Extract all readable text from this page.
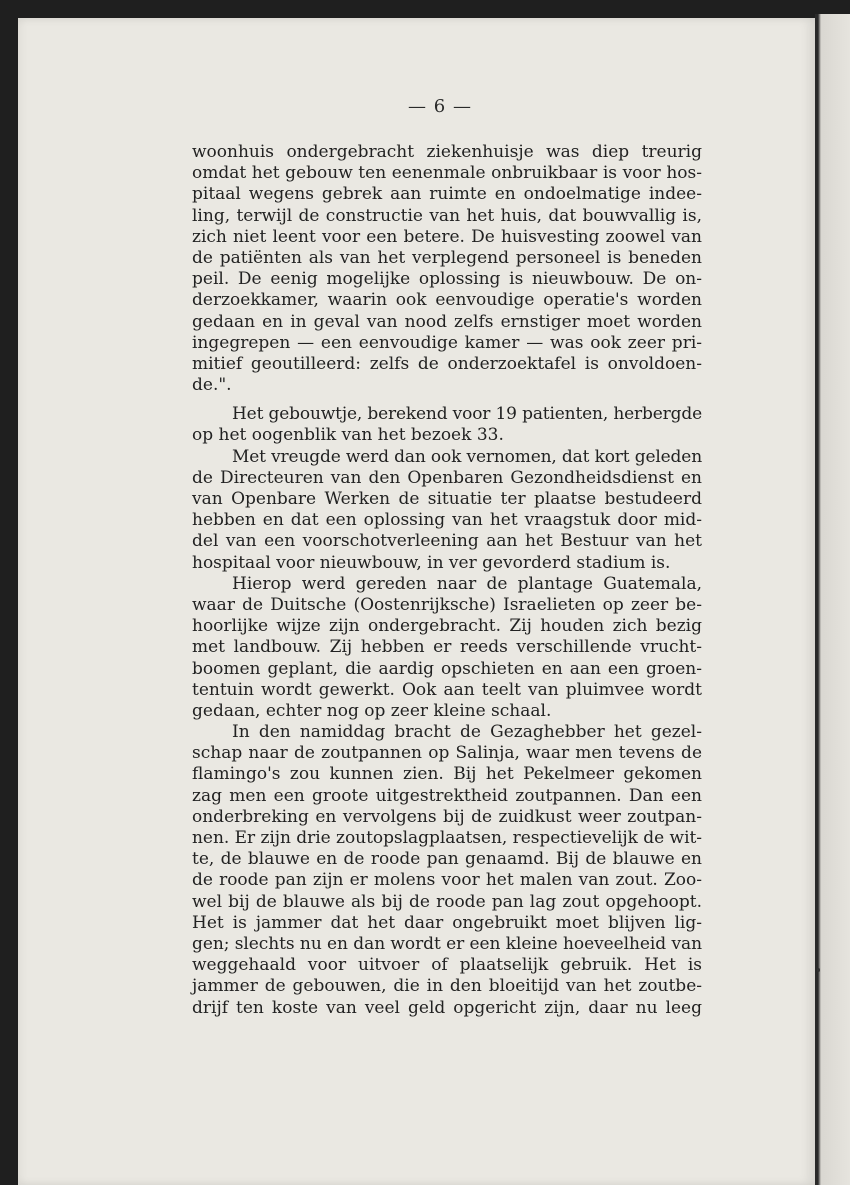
— 6 —
woonhuis ondergebracht ziekenhuisje was diep treurig
omdat het gebouw ten eenenmale onbruikbaar is voor hos-
pitaal wegens gebrek aan ruimte en ondoelmatige indee-
ling, terwijl de constructie van het huis, dat bouwvallig is,
zich niet leent voor een betere. De huisvesting zoowel van
de patiënten als van het verplegend personeel is beneden
peil. De eenig mogelijke oplossing is nieuwbouw. De on-
derzoekkamer, waarin ook eenvoudige operatie's worden
gedaan en in geval van nood zelfs ernstiger moet worden
ingegrepen — een eenvoudige kamer — was ook zeer pri-
mitief geoutilleerd: zelfs de onderzoektafel is onvoldoen-
de.".
Het gebouwtje, berekend voor 19 patienten, herbergde
op het oogenblik van het bezoek 33.
Met vreugde werd dan ook vernomen, dat kort geleden
de Directeuren van den Openbaren Gezondheidsdienst en
van Openbare Werken de situatie ter plaatse bestudeerd
hebben en dat een oplossing van het vraagstuk door mid-
del van een voorschotverleening aan het Bestuur van het
hospitaal voor nieuwbouw, in ver gevorderd stadium is.
Hierop werd gereden naar de plantage Guatemala,
waar de Duitsche (Oostenrijksche) Israelieten op zeer be-
hoorlijke wijze zijn ondergebracht. Zij houden zich bezig
met landbouw. Zij hebben er reeds verschillende vrucht-
boomen geplant, die aardig opschieten en aan een groen-
tentuin wordt gewerkt. Ook aan teelt van pluimvee wordt
gedaan, echter nog op zeer kleine schaal.
In den namiddag bracht de Gezaghebber het gezel-
schap naar de zoutpannen op Salinja, waar men tevens de
flamingo's zou kunnen zien. Bij het Pekelmeer gekomen
zag men een groote uitgestrektheid zoutpannen. Dan een
onderbreking en vervolgens bij de zuidkust weer zoutpan-
nen. Er zijn drie zoutopslagplaatsen, respectievelijk de wit-
te, de blauwe en de roode pan genaamd. Bij de blauwe en
de roode pan zijn er molens voor het malen van zout. Zoo-
wel bij de blauwe als bij de roode pan lag zout opgehoopt.
Het is jammer dat het daar ongebruikt moet blijven lig-
gen; slechts nu en dan wordt er een kleine hoeveelheid van
weggehaald voor uitvoer of plaatselijk gebruik. Het is
jammer de gebouwen, die in den bloeitijd van het zoutbe-
drijf ten koste van veel geld opgericht zijn, daar nu leeg
